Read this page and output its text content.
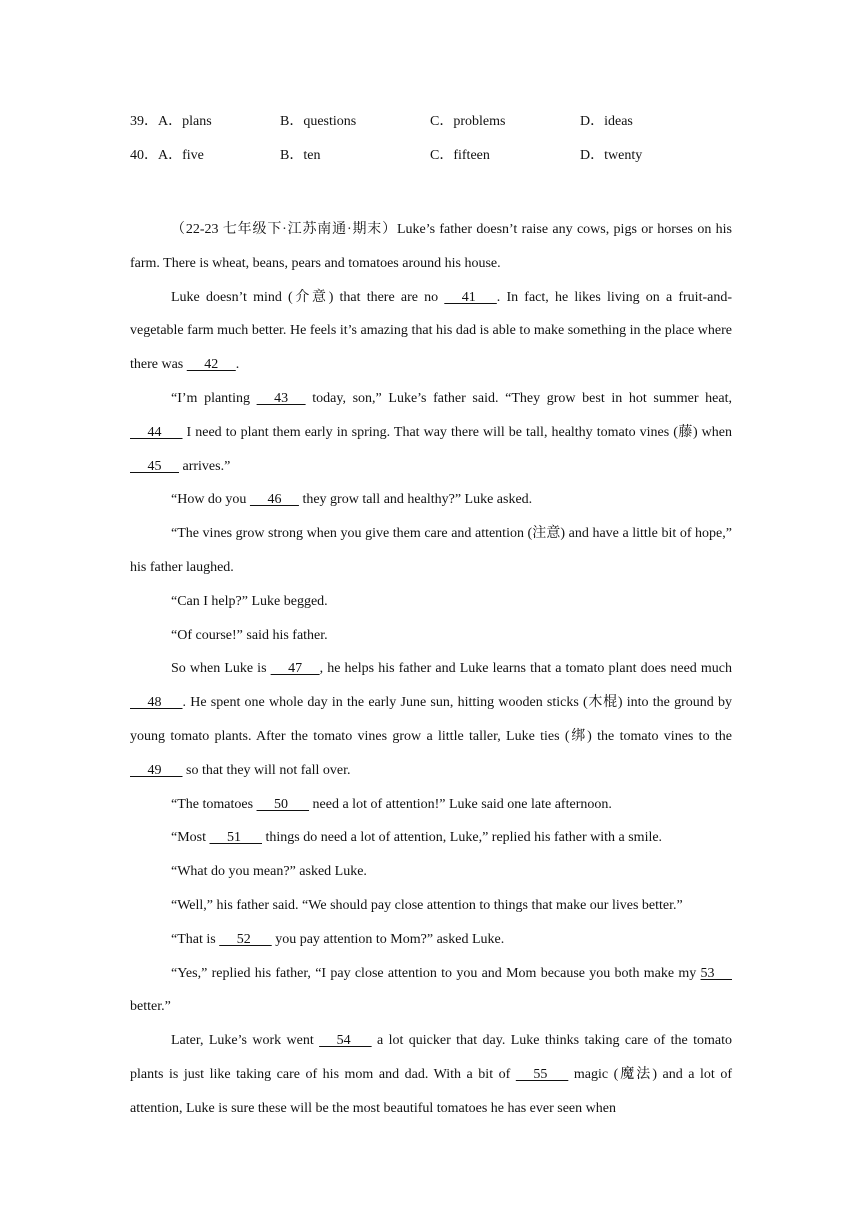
39．A．plans	B．questions	C．problems	D．ideas
40．A．five	B．ten	C．fifteen	D．twenty

（22-23 七年级下·江苏南通·期末）Luke’s father doesn’t raise any cows, pigs or horses on his farm. There is wheat, beans, pears and tomatoes around his house.

Luke doesn’t mind (介意) that there are no      41      . In fact, he likes living on a fruit-and-vegetable farm much better. He feels it’s amazing that his dad is able to make something in the place where there was      42     .

“I’m planting      43      today, son,” Luke’s father said. “They grow best in hot summer heat,      44       I need to plant them early in spring. That way there will be tall, healthy tomato vines (藤) when      45      arrives.”

“How do you      46      they grow tall and healthy?” Luke asked.

“The vines grow strong when you give them care and attention (注意) and have a little bit of hope,” his father laughed.

“Can I help?” Luke begged.

“Of course!” said his father.

So when Luke is      47     , he helps his father and Luke learns that a tomato plant does need much      48      . He spent one whole day in the early June sun, hitting wooden sticks (木棍) into the ground by young tomato plants. After the tomato vines grow a little taller, Luke ties (绑) the tomato vines to the      49       so that they will not fall over.

“The tomatoes      50       need a lot of attention!” Luke said one late afternoon.

“Most      51       things do need a lot of attention, Luke,” replied his father with a smile.

“What do you mean?” asked Luke.

“Well,” his father said. “We should pay close attention to things that make our lives better.”

“That is      52       you pay attention to Mom?” asked Luke.

“Yes,” replied his father, “I pay close attention to you and Mom because you both make my 53     better.”

Later, Luke’s work went      54       a lot quicker that day. Luke thinks taking care of the tomato plants is just like taking care of his mom and dad. With a bit of      55       magic (魔法) and a lot of attention, Luke is sure these will be the most beautiful tomatoes he has ever seen when
